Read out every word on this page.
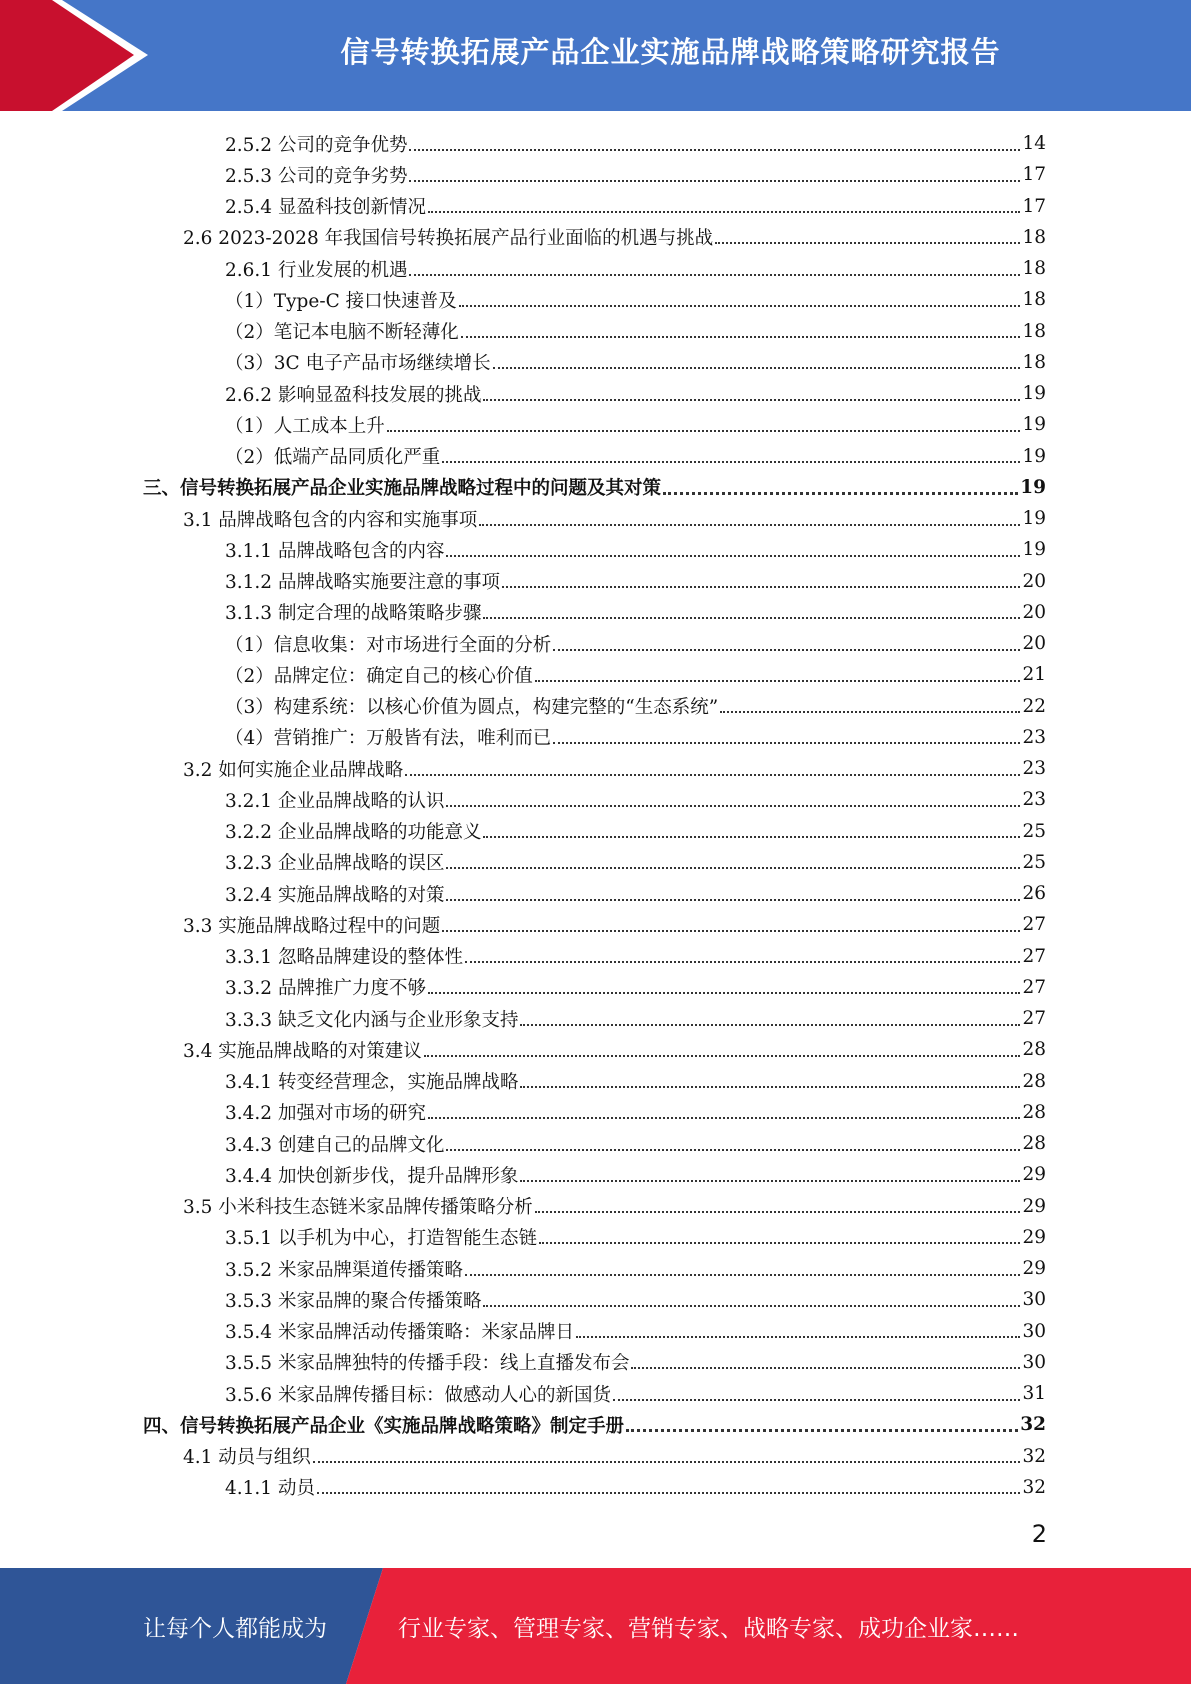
信号转换拓展产品企业实施品牌战略策略研究报告
2.5.2 公司的竞争优势	14
2.5.3 公司的竞争劣势	17
2.5.4 显盈科技创新情况	17
2.6 2023-2028 年我国信号转换拓展产品行业面临的机遇与挑战	18
2.6.1 行业发展的机遇	18
（1）Type-C 接口快速普及	18
（2）笔记本电脑不断轻薄化	18
（3）3C 电子产品市场继续增长	18
2.6.2 影响显盈科技发展的挑战	19
（1）人工成本上升	19
（2）低端产品同质化严重	19
三、信号转换拓展产品企业实施品牌战略过程中的问题及其对策	19
3.1 品牌战略包含的内容和实施事项	19
3.1.1 品牌战略包含的内容	19
3.1.2 品牌战略实施要注意的事项	20
3.1.3 制定合理的战略策略步骤	20
（1）信息收集：对市场进行全面的分析	20
（2）品牌定位：确定自己的核心价值	21
（3）构建系统：以核心价值为圆点，构建完整的“生态系统”	22
（4）营销推广：万般皆有法，唯利而已	23
3.2 如何实施企业品牌战略	23
3.2.1 企业品牌战略的认识	23
3.2.2 企业品牌战略的功能意义	25
3.2.3 企业品牌战略的误区	25
3.2.4 实施品牌战略的对策	26
3.3 实施品牌战略过程中的问题	27
3.3.1 忽略品牌建设的整体性	27
3.3.2 品牌推广力度不够	27
3.3.3 缺乏文化内涵与企业形象支持	27
3.4 实施品牌战略的对策建议	28
3.4.1 转变经营理念，实施品牌战略	28
3.4.2 加强对市场的研究	28
3.4.3 创建自己的品牌文化	28
3.4.4 加快创新步伐，提升品牌形象	29
3.5 小米科技生态链米家品牌传播策略分析	29
3.5.1 以手机为中心，打造智能生态链	29
3.5.2 米家品牌渠道传播策略	29
3.5.3 米家品牌的聚合传播策略	30
3.5.4 米家品牌活动传播策略：米家品牌日	30
3.5.5 米家品牌独特的传播手段：线上直播发布会	30
3.5.6 米家品牌传播目标：做感动人心的新国货	31
四、信号转换拓展产品企业《实施品牌战略策略》制定手册	32
4.1 动员与组织	32
4.1.1 动员	32
2
让每个人都能成为	行业专家、管理专家、营销专家、战略专家、成功企业家……
